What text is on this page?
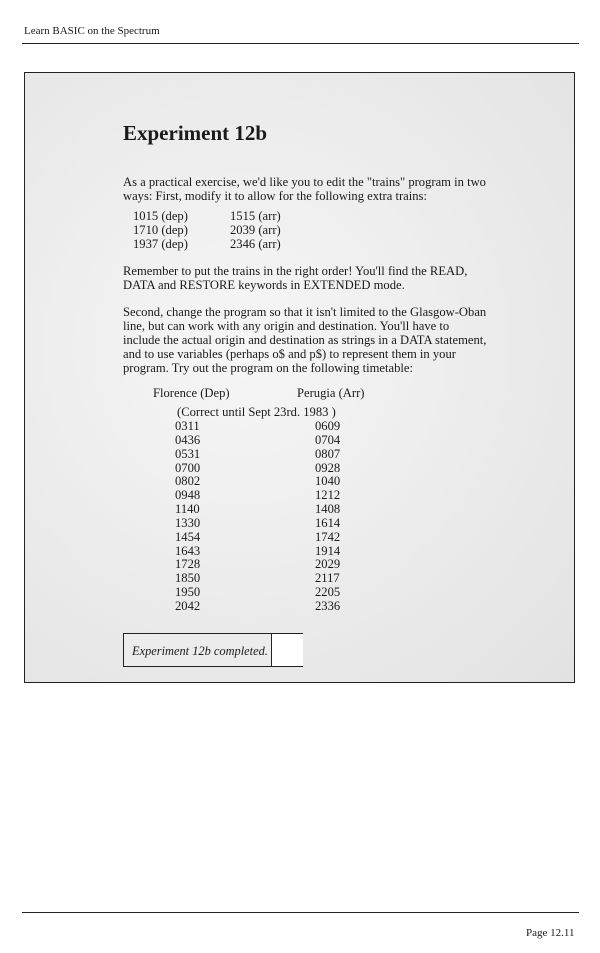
Learn BASIC on the Spectrum
Experiment 12b

As a practical exercise, we'd like you to edit the "trains" program in two ways: First, modify it to allow for the following extra trains:

1015 (dep)	1515 (arr)
1710 (dep)	2039 (arr)
1937 (dep)	2346 (arr)

Remember to put the trains in the right order! You'll find the READ, DATA and RESTORE keywords in EXTENDED mode.

Second, change the program so that it isn't limited to the Glasgow-Oban line, but can work with any origin and destination. You'll have to include the actual origin and destination as strings in a DATA statement, and to use variables (perhaps o$ and p$) to represent them in your program. Try out the program on the following timetable:

Florence (Dep)	Perugia (Arr)
(Correct until Sept 23rd. 1983 )
0311	0609
0436	0704
0531	0807
0700	0928
0802	1040
0948	1212
1140	1408
1330	1614
1454	1742
1643	1914
1728	2029
1850	2117
1950	2205
2042	2336
Experiment 12b completed.
Page 12.11
